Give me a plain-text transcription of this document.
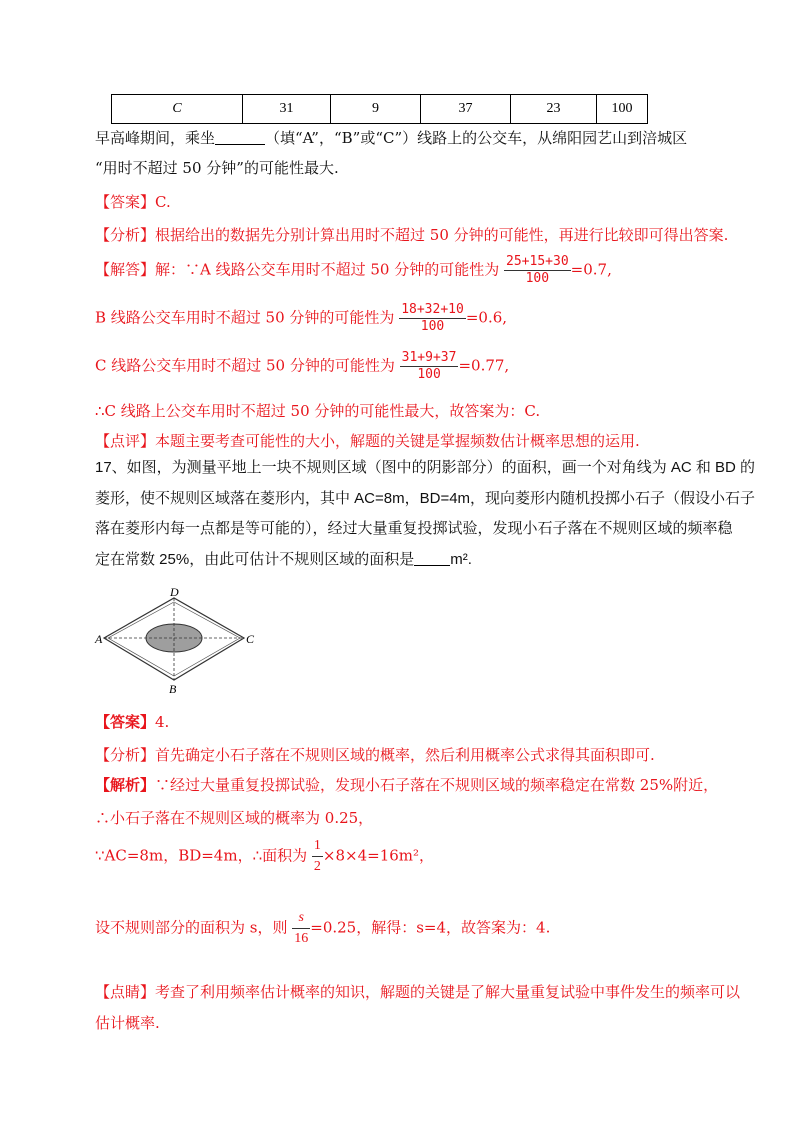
C	31	9	37	23	100
早高峰期间，乘坐	（填“A”，“B”或“C”）线路上的公交车，从绵阳园艺山到涪城区
“用时不超过 50 分钟”的可能性最大.
【答案】C.
【分析】根据给出的数据先分别计算出用时不超过 50 分钟的可能性，再进行比较即可得出答案.
【解答】解：∵A 线路公交车用时不超过 50 分钟的可能性为 $\frac{25+15+30}{100} =0.7$,
B 线路公交车用时不超过 50 分钟的可能性为 $\frac{18+32+10}{100} =0.6$,
C 线路公交车用时不超过 50 分钟的可能性为 $\frac{31+9+37}{100} =0.77$,
∴C 线路上公交车用时不超过 50 分钟的可能性最大，故答案为：C.
【点评】本题主要考查可能性的大小，解题的关键是掌握频数估计概率思想的运用.
17、如图，为测量平地上一块不规则区域（图中的阴影部分）的面积，画一个对角线为 AC 和 BD 的
菱形，使不规则区域落在菱形内，其中 AC=8m，BD=4m，现向菱形内随机投掷小石子（假设小石子
落在菱形内每一点都是等可能的），经过大量重复投掷试验，发现小石子落在不规则区域的频率稳
定在常数 25%，由此可估计不规则区域的面积是 m².
A	C
D
B
【答案】4.
【分析】首先确定小石子落在不规则区域的概率，然后利用概率公式求得其面积即可.
【解析】∵经过大量重复投掷试验，发现小石子落在不规则区域的频率稳定在常数 25%附近，
∴小石子落在不规则区域的概率为 0.25，
∵AC=8m，BD=4m，∴面积为 $\frac{1}{2} \times 8\times 4=16m^2$，
设不规则部分的面积为 s，则 $\frac{s}{16} =0.25$，解得：s=4，故答案为：4.
【点睛】考查了利用频率估计概率的知识，解题的关键是了解大量重复试验中事件发生的频率可以
估计概率.
